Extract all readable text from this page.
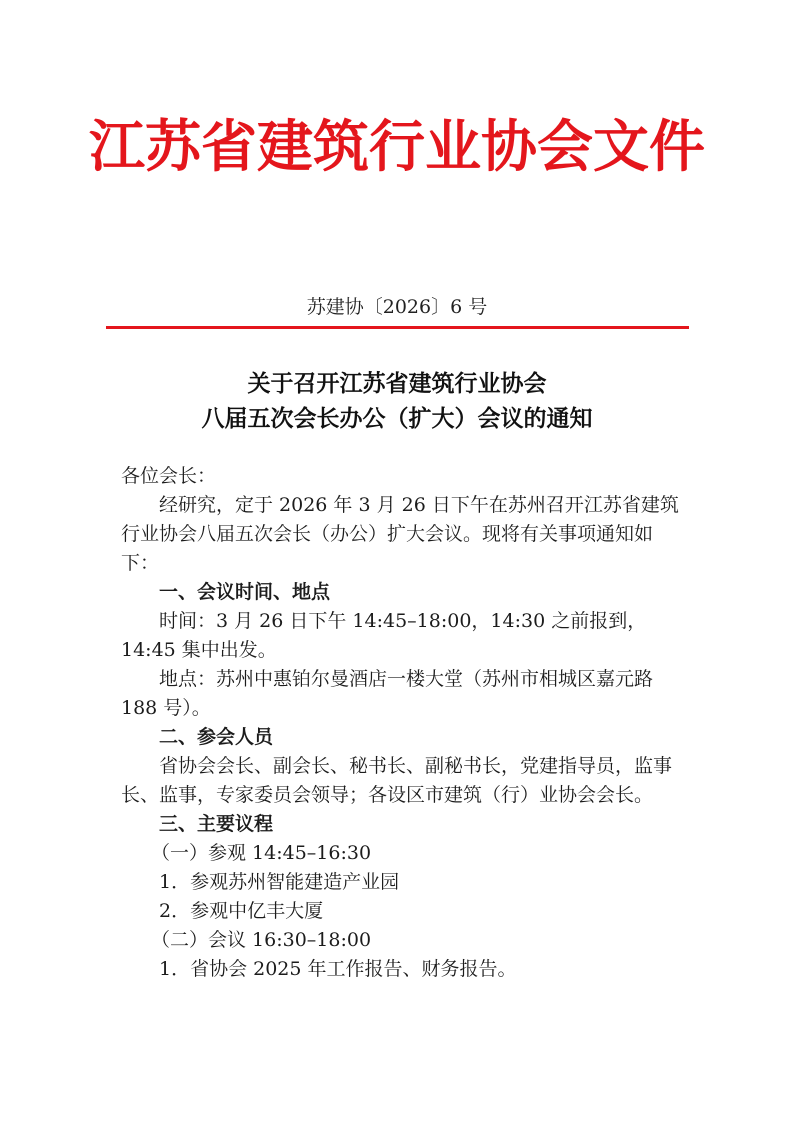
江苏省建筑行业协会文件
苏建协〔2026〕6 号
关于召开江苏省建筑行业协会
八届五次会长办公（扩大）会议的通知

各位会长：

经研究，定于 2026 年 3 月 26 日下午在苏州召开江苏省建筑行业协会八届五次会长（办公）扩大会议。现将有关事项通知如下：

一、会议时间、地点

时间：3 月 26 日下午 14:45–18:00，14:30 之前报到，14:45 集中出发。

地点：苏州中惠铂尔曼酒店一楼大堂（苏州市相城区嘉元路 188 号）。

二、参会人员

省协会会长、副会长、秘书长、副秘书长，党建指导员，监事长、监事，专家委员会领导；各设区市建筑（行）业协会会长。

三、主要议程

（一）参观 14:45–16:30

1．参观苏州智能建造产业园

2．参观中亿丰大厦

（二）会议 16:30–18:00

1．省协会 2025 年工作报告、财务报告。
